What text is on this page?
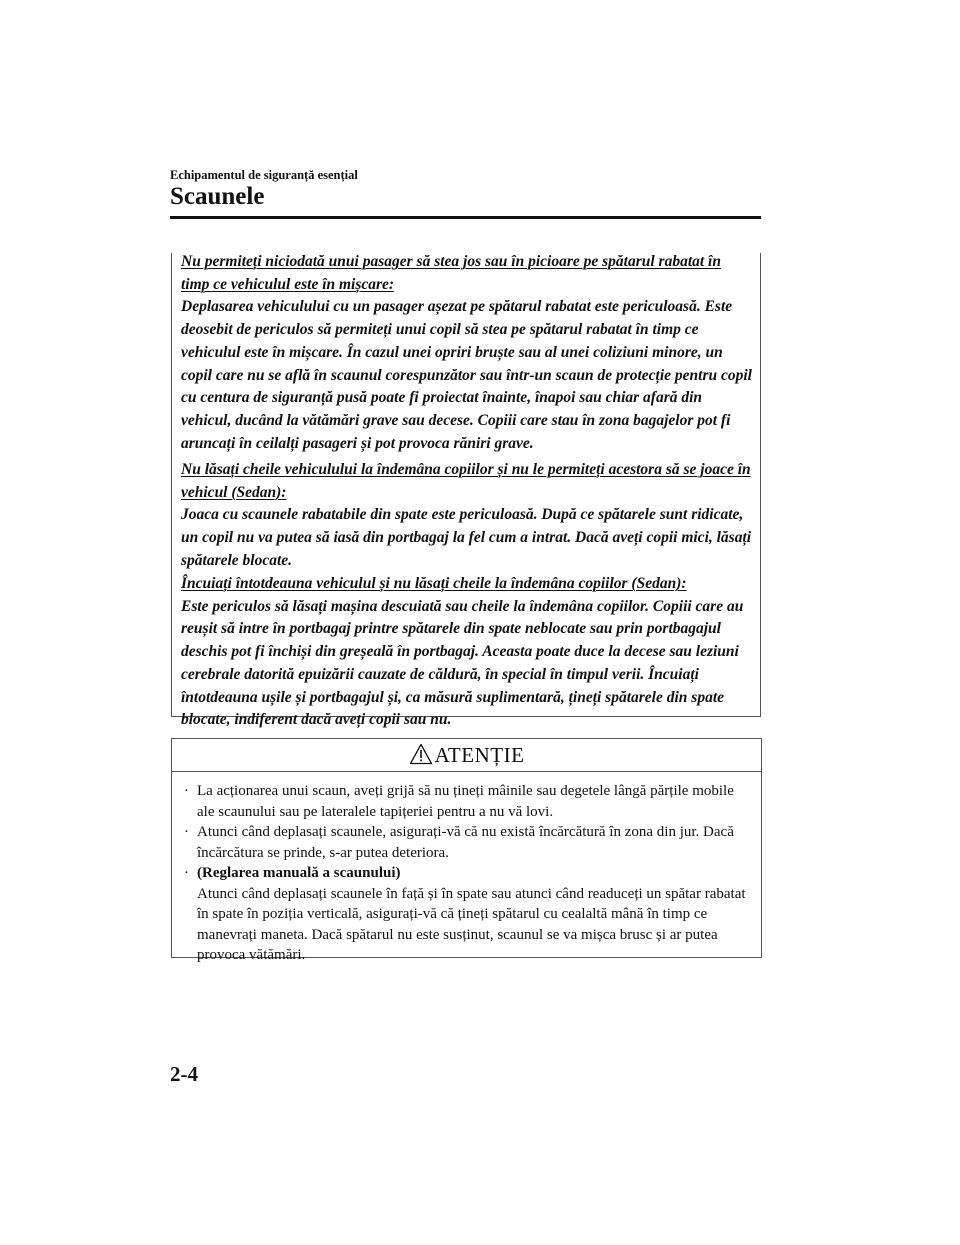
Echipamentul de siguranță esențial
Scaunele

Nu permiteți niciodată unui pasager să stea jos sau în picioare pe spătarul rabatat în timp ce vehiculul este în mișcare:

Deplasarea vehiculului cu un pasager așezat pe spătarul rabatat este periculoasă. Este deosebit de periculos să permiteți unui copil să stea pe spătarul rabatat în timp ce vehiculul este în mișcare. În cazul unei opriri bruște sau al unei coliziuni minore, un copil care nu se află în scaunul corespunzător sau într-un scaun de protecție pentru copil cu centura de siguranță pusă poate fi proiectat înainte, înapoi sau chiar afară din vehicul, ducând la vătămări grave sau decese. Copiii care stau în zona bagajelor pot fi aruncați în ceilalți pasageri și pot provoca răniri grave.

Nu lăsați cheile vehiculului la îndemâna copiilor și nu le permiteți acestora să se joace în vehicul (Sedan):

Joaca cu scaunele rabatabile din spate este periculoasă. După ce spătarele sunt ridicate, un copil nu va putea să iasă din portbagaj la fel cum a intrat. Dacă aveți copii mici, lăsați spătarele blocate.

Încuiați întotdeauna vehiculul și nu lăsați cheile la îndemâna copiilor (Sedan):

Este periculos să lăsați mașina descuiată sau cheile la îndemâna copiilor. Copiii care au reușit să intre în portbagaj printre spătarele din spate neblocate sau prin portbagajul deschis pot fi închiși din greșeală în portbagaj. Aceasta poate duce la decese sau leziuni cerebrale datorită epuizării cauzate de căldură, în special în timpul verii. Încuiați întotdeauna ușile și portbagajul și, ca măsură suplimentară, țineți spătarele din spate blocate, indiferent dacă aveți copii sau nu.

ATENȚIE
· La acționarea unui scaun, aveți grijă să nu țineți mâinile sau degetele lângă părțile mobile ale scaunului sau pe lateralele tapițeriei pentru a nu vă lovi.
· Atunci când deplasați scaunele, asigurați-vă că nu există încărcătură în zona din jur. Dacă încărcătura se prinde, s-ar putea deteriora.
· (Reglarea manuală a scaunului)
Atunci când deplasați scaunele în față și în spate sau atunci când readuceți un spătar rabatat în spate în poziția verticală, asigurați-vă că țineți spătarul cu cealaltă mână în timp ce manevrați maneta. Dacă spătarul nu este susținut, scaunul se va mișca brusc și ar putea provoca vătămări.
2-4
